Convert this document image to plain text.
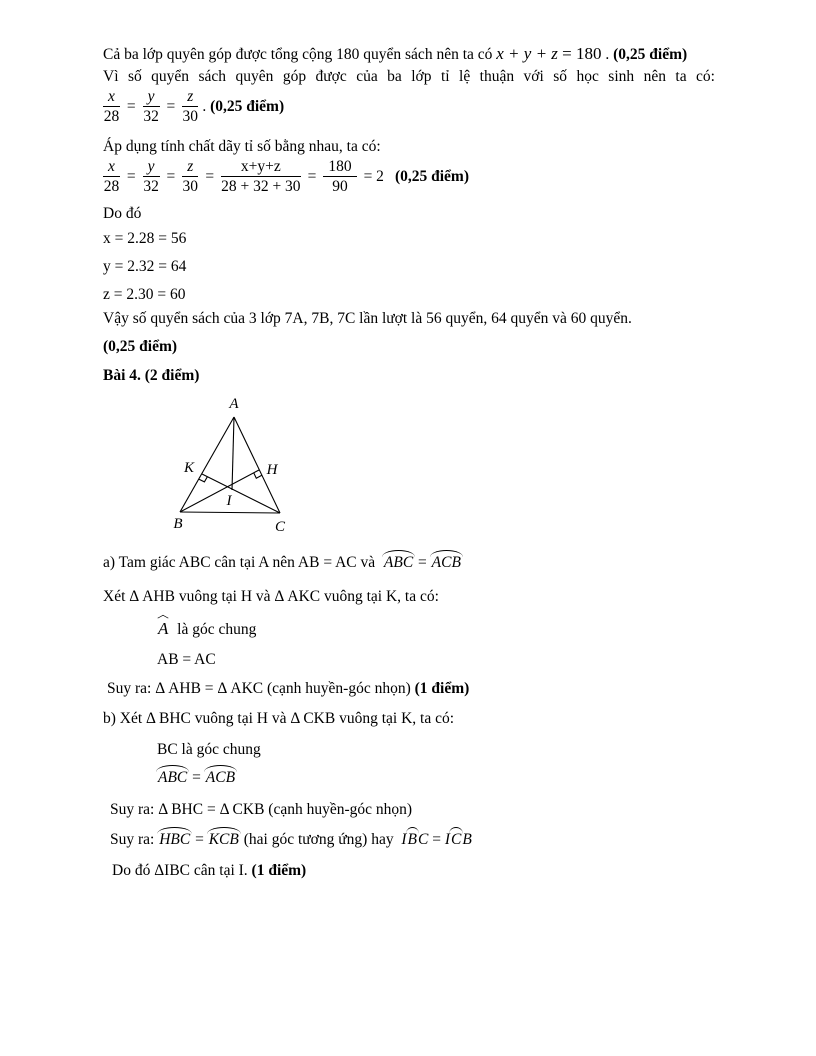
Cả ba lớp quyên góp được tổng cộng 180 quyển sách nên ta có x + y + z = 180 . (0,25 điểm)
Vì số quyển sách quyên góp được của ba lớp tỉ lệ thuận với số học sinh nên ta có:
$\frac{x}{28} = \frac{y}{32} = \frac{z}{30}$ . (0,25 điểm)
Áp dụng tính chất dãy tỉ số bằng nhau, ta có:
$\frac{x}{28} = \frac{y}{32} = \frac{z}{30} = \frac{x+y+z}{28 + 32 + 30} = \frac{180}{90} = 2$ (0,25 điểm)
Do đó
x = 2.28 = 56
y = 2.32 = 64
z = 2.30 = 60
Vậy số quyển sách của 3 lớp 7A, 7B, 7C lần lượt là 56 quyển, 64 quyển và 60 quyển.
(0,25 điểm)
Bài 4. (2 điểm)
A
K	H
I
B	C
a) Tam giác ABC cân tại A nên AB = AC và  ABC = ACB
Xét Δ AHB vuông tại H và Δ AKC vuông tại K, ta có:
A  là góc chung
AB = AC
Suy ra: Δ AHB = Δ AKC (cạnh huyền-góc nhọn) (1 điểm)
b) Xét Δ BHC vuông tại H và Δ CKB vuông tại K, ta có:
BC là góc chung
ABC = ACB
Suy ra: Δ BHC = Δ CKB (cạnh huyền-góc nhọn)
Suy ra: HBC = KCB (hai góc tương ứng) hay  IBC = ICB
Do đó ΔIBC cân tại I. (1 điểm)
